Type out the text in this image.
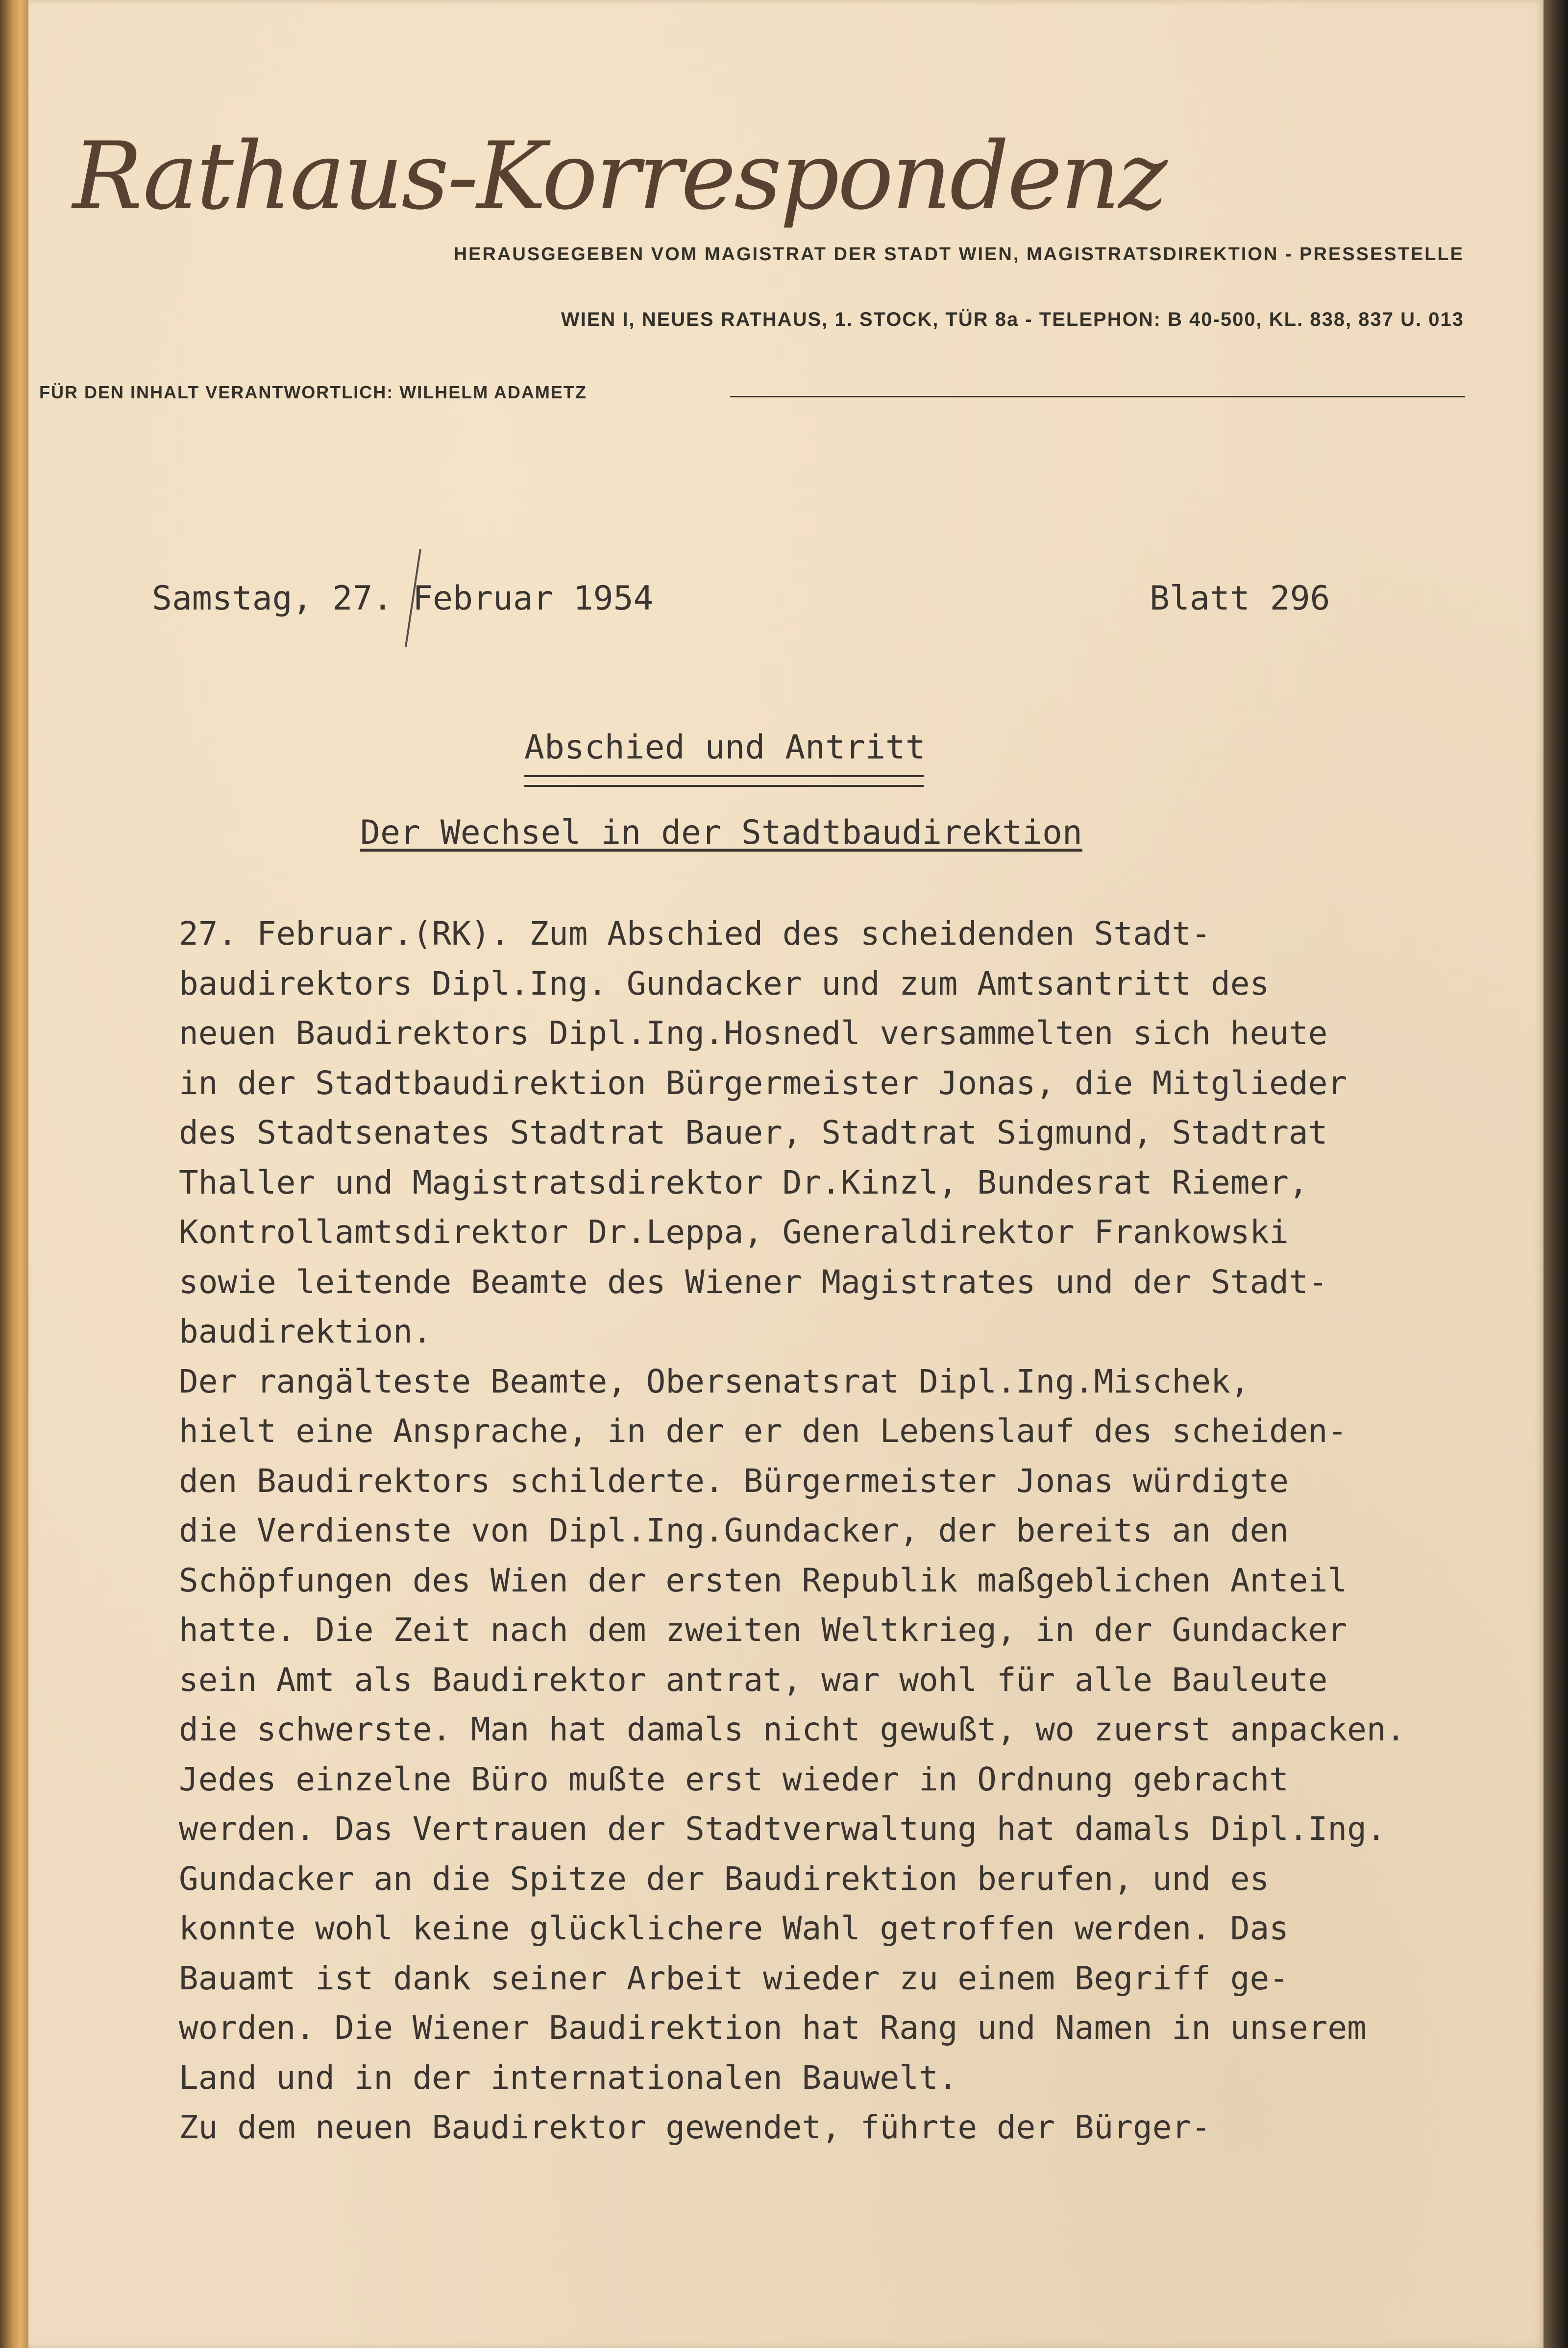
Rathaus-Korrespondenz
HERAUSGEGEBEN VOM MAGISTRAT DER STADT WIEN, MAGISTRATSDIREKTION - PRESSESTELLE
WIEN I, NEUES RATHAUS, 1. STOCK, TÜR 8a - TELEPHON: B 40-500, KL. 838, 837 U. 013
FÜR DEN INHALT VERANTWORTLICH: WILHELM ADAMETZ
Samstag, 27. Februar 1954	Blatt 296
Abschied und Antritt
Der Wechsel in der Stadtbaudirektion

27. Februar.(RK). Zum Abschied des scheidenden Stadt-

baudirektors Dipl.Ing. Gundacker und zum Amtsantritt des

neuen Baudirektors Dipl.Ing.Hosnedl versammelten sich heute

in der Stadtbaudirektion Bürgermeister Jonas, die Mitglieder

des Stadtsenates Stadtrat Bauer, Stadtrat Sigmund, Stadtrat

Thaller und Magistratsdirektor Dr.Kinzl, Bundesrat Riemer,

Kontrollamtsdirektor Dr.Leppa, Generaldirektor Frankowski

sowie leitende Beamte des Wiener Magistrates und der Stadt-

baudirektion.

Der rangälteste Beamte, Obersenatsrat Dipl.Ing.Mischek,

hielt eine Ansprache, in der er den Lebenslauf des scheiden-

den Baudirektors schilderte. Bürgermeister Jonas würdigte

die Verdienste von Dipl.Ing.Gundacker, der bereits an den

Schöpfungen des Wien der ersten Republik maßgeblichen Anteil

hatte. Die Zeit nach dem zweiten Weltkrieg, in der Gundacker

sein Amt als Baudirektor antrat, war wohl für alle Bauleute

die schwerste. Man hat damals nicht gewußt, wo zuerst anpacken.

Jedes einzelne Büro mußte erst wieder in Ordnung gebracht

werden. Das Vertrauen der Stadtverwaltung hat damals Dipl.Ing.

Gundacker an die Spitze der Baudirektion berufen, und es

konnte wohl keine glücklichere Wahl getroffen werden. Das

Bauamt ist dank seiner Arbeit wieder zu einem Begriff ge-

worden. Die Wiener Baudirektion hat Rang und Namen in unserem

Land und in der internationalen Bauwelt.

Zu dem neuen Baudirektor gewendet, führte der Bürger-
